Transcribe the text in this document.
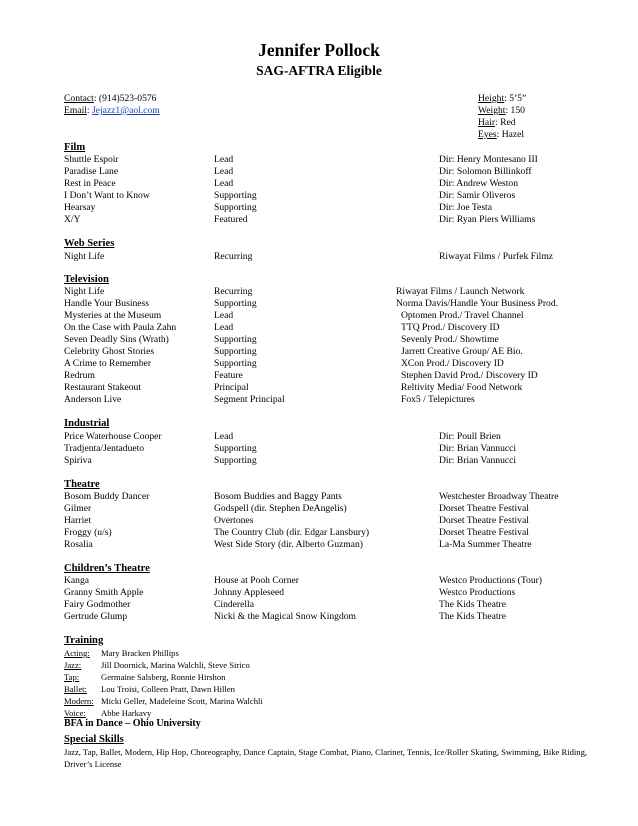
Jennifer Pollock
SAG-AFTRA Eligible
Contact: (914)523-0576
Email: Jejazz1@aol.com
Height: 5’5”
Weight: 150
Hair: Red
Eyes: Hazel
Film
Shuttle Espoir	Lead	Dir: Henry Montesano III
Paradise Lane	Lead	Dir: Solomon Billinkoff
Rest in Peace	Lead	Dir: Andrew Weston
I Don’t Want to Know	Supporting	Dir: Samir Oliveros
Hearsay	Supporting	Dir: Joe Testa
X/Y	Featured	Dir: Ryan Piers Williams
Web Series
Night Life	Recurring	Riwayat Films / Purfek Filmz
Television
Night Life	Recurring	Riwayat Films / Launch Network
Handle Your Business	Supporting	Norma Davis/Handle Your Business Prod.
Mysteries at the Museum	Lead	Optomen Prod./ Travel Channel
On the Case with Paula Zahn	Lead	TTQ Prod./ Discovery ID
Seven Deadly Sins (Wrath)	Supporting	Sevenly Prod./ Showtime
Celebrity Ghost Stories	Supporting	Jarrett Creative Group/ AE Bio.
A Crime to Remember	Supporting	XCon Prod./ Discovery ID
Redrum	Feature	Stephen David Prod./ Discovery ID
Restaurant Stakeout	Principal	Reltivity Media/ Food Network
Anderson Live	Segment Principal	Fox5 / Telepictures
Industrial
Price Waterhouse Cooper	Lead	Dir: Poull Brien
Tradjenta/Jentadueto	Supporting	Dir: Brian Vannucci
Spiriva	Supporting	Dir: Brian Vannucci
Theatre
Bosom Buddy Dancer	Bosom Buddies and Baggy Pants	Westchester Broadway Theatre
Gilmer	Godspell (dir. Stephen DeAngelis)	Dorset Theatre Festival
Harriet	Overtones	Dorset Theatre Festival
Froggy (u/s)	The Country Club (dir. Edgar Lansbury)	Dorset Theatre Festival
Rosalia	West Side Story (dir. Alberto Guzman)	La-Ma Summer Theatre
Children’s Theatre
Kanga	House at Pooh Corner	Westco Productions (Tour)
Granny Smith Apple	Johnny Appleseed	Westco Productions
Fairy Godmother	Cinderella	The Kids Theatre
Gertrude Glump	Nicki & the Magical Snow Kingdom	The Kids Theatre
Training
Acting: Mary Bracken Phillips
Jazz: Jill Doornick, Marina Walchli, Steve Sirico
Tap:	Germaine Salsberg, Ronnie Hirshon
Ballet: Lou Troisi, Colleen Pratt, Dawn Hillen
Modern: Micki Geller, Madeleine Scott, Marina Walchli
Voice: Abbe Harkavy
BFA in Dance – Ohio University
Special Skills
Jazz, Tap, Ballet, Modern, Hip Hop, Choreography, Dance Captain, Stage Combat, Piano, Clarinet, Tennis, Ice/Roller Skating, Swimming, Bike Riding, Driver’s License
